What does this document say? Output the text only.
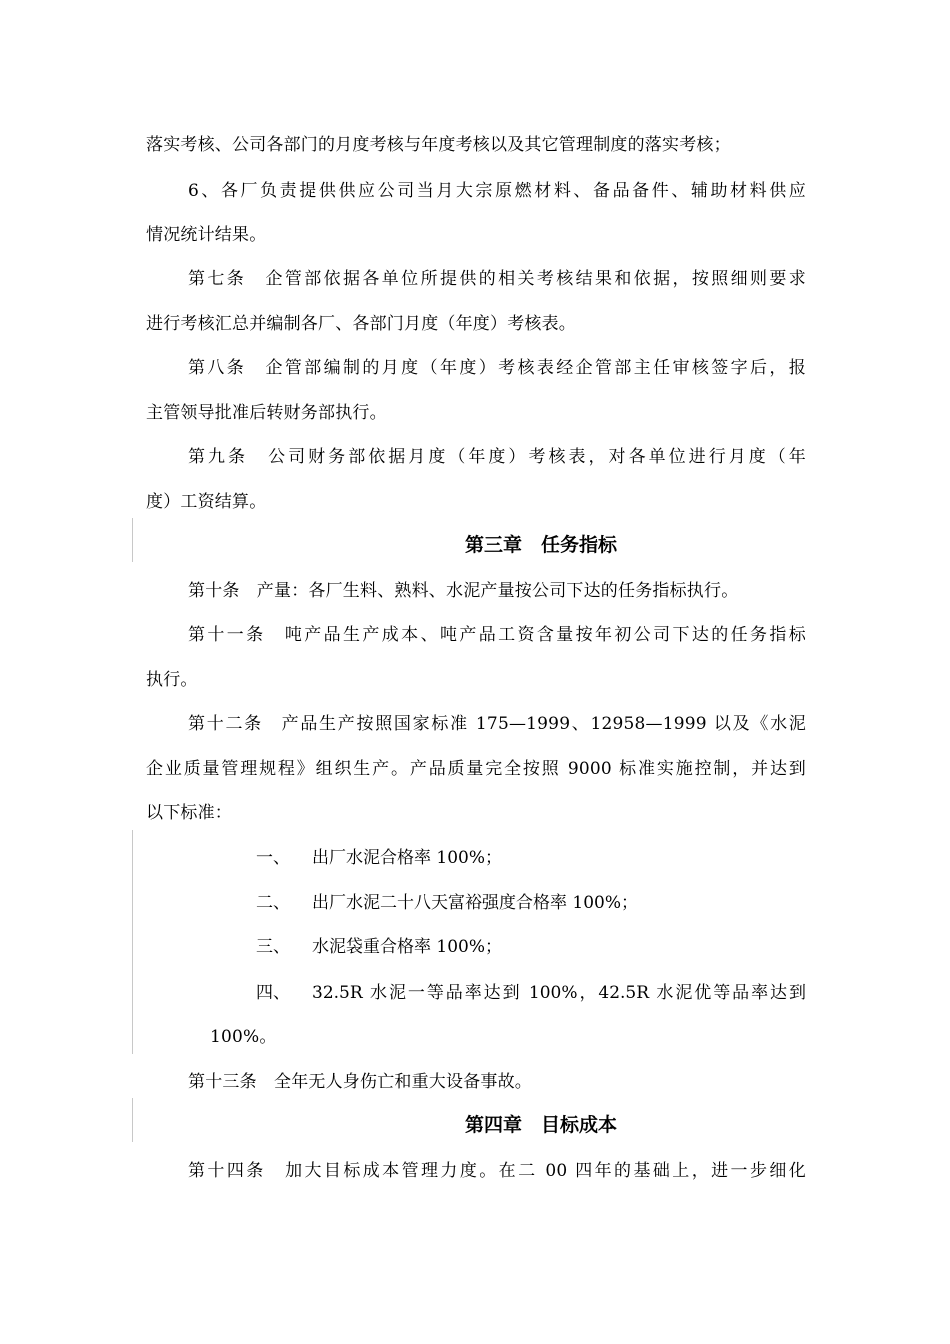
落实考核、公司各部门的月度考核与年度考核以及其它管理制度的落实考核；
6、各厂负责提供供应公司当月大宗原燃材料、备品备件、辅助材料供应
情况统计结果。
第七条　企管部依据各单位所提供的相关考核结果和依据，按照细则要求
进行考核汇总并编制各厂、各部门月度（年度）考核表。
第八条　企管部编制的月度（年度）考核表经企管部主任审核签字后，报
主管领导批准后转财务部执行。
第九条　公司财务部依据月度（年度）考核表，对各单位进行月度（年
度）工资结算。
第三章　任务指标
第十条　产量：各厂生料、熟料、水泥产量按公司下达的任务指标执行。
第十一条　吨产品生产成本、吨产品工资含量按年初公司下达的任务指标
执行。
第十二条　产品生产按照国家标准 175—1999、12958—1999 以及《水泥
企业质量管理规程》组织生产。产品质量完全按照 9000 标准实施控制，并达到
以下标准：
一、 出厂水泥合格率 100%；
二、 出厂水泥二十八天富裕强度合格率 100%；
三、 水泥袋重合格率 100%；
四、 32.5R 水泥一等品率达到 100%，42.5R 水泥优等品率达到
100%。
第十三条　全年无人身伤亡和重大设备事故。
第四章　目标成本
第十四条　加大目标成本管理力度。在二 00 四年的基础上，进一步细化
